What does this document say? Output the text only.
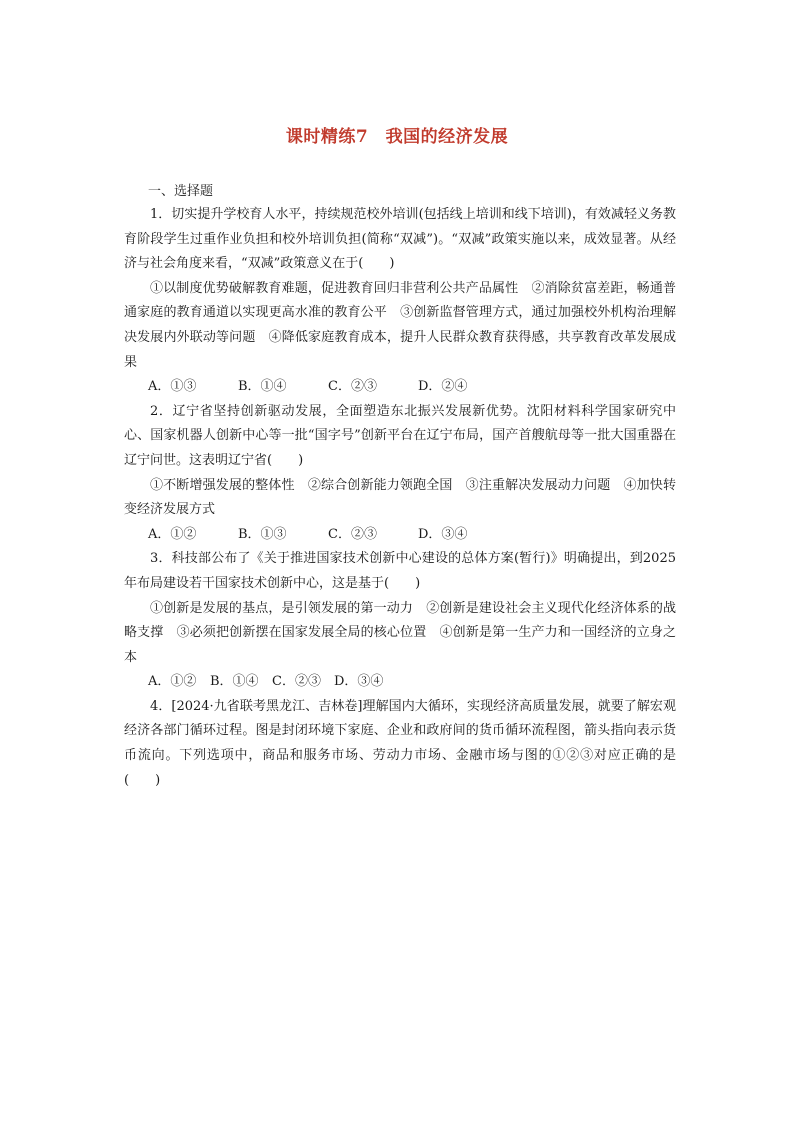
课时精练7　我国的经济发展
一、选择题

1．切实提升学校育人水平，持续规范校外培训(包括线上培训和线下培训)，有效减轻义务教育阶段学生过重作业负担和校外培训负担(简称“双减”)。“双减”政策实施以来，成效显著。从经济与社会角度来看，“双减”政策意义在于(　　)

①以制度优势破解教育难题，促进教育回归非营利公共产品属性　②消除贫富差距，畅通普通家庭的教育通道以实现更高水准的教育公平　③创新监督管理方式，通过加强校外机构治理解决发展内外联动等问题　④降低家庭教育成本，提升人民群众教育获得感，共享教育改革发展成果

A．①③	B．①④	C．②③	D．②④

2．辽宁省坚持创新驱动发展，全面塑造东北振兴发展新优势。沈阳材料科学国家研究中心、国家机器人创新中心等一批“国字号”创新平台在辽宁布局，国产首艘航母等一批大国重器在辽宁问世。这表明辽宁省(　　)

①不断增强发展的整体性　②综合创新能力领跑全国　③注重解决发展动力问题　④加快转变经济发展方式

A．①②	B．①③	C．②③	D．③④

3．科技部公布了《关于推进国家技术创新中心建设的总体方案(暂行)》明确提出，到2025年布局建设若干国家技术创新中心，这是基于(　　)

①创新是发展的基点，是引领发展的第一动力　②创新是建设社会主义现代化经济体系的战略支撑　③必须把创新摆在国家发展全局的核心位置　④创新是第一生产力和一国经济的立身之本

A．①② B．①④ C．②③ D．③④

4．[2024·九省联考黑龙江、吉林卷]理解国内大循环，实现经济高质量发展，就要了解宏观经济各部门循环过程。图是封闭环境下家庭、企业和政府间的货币循环流程图，箭头指向表示货币流向。下列选项中，商品和服务市场、劳动力市场、金融市场与图的①②③对应正确的是(　　)
